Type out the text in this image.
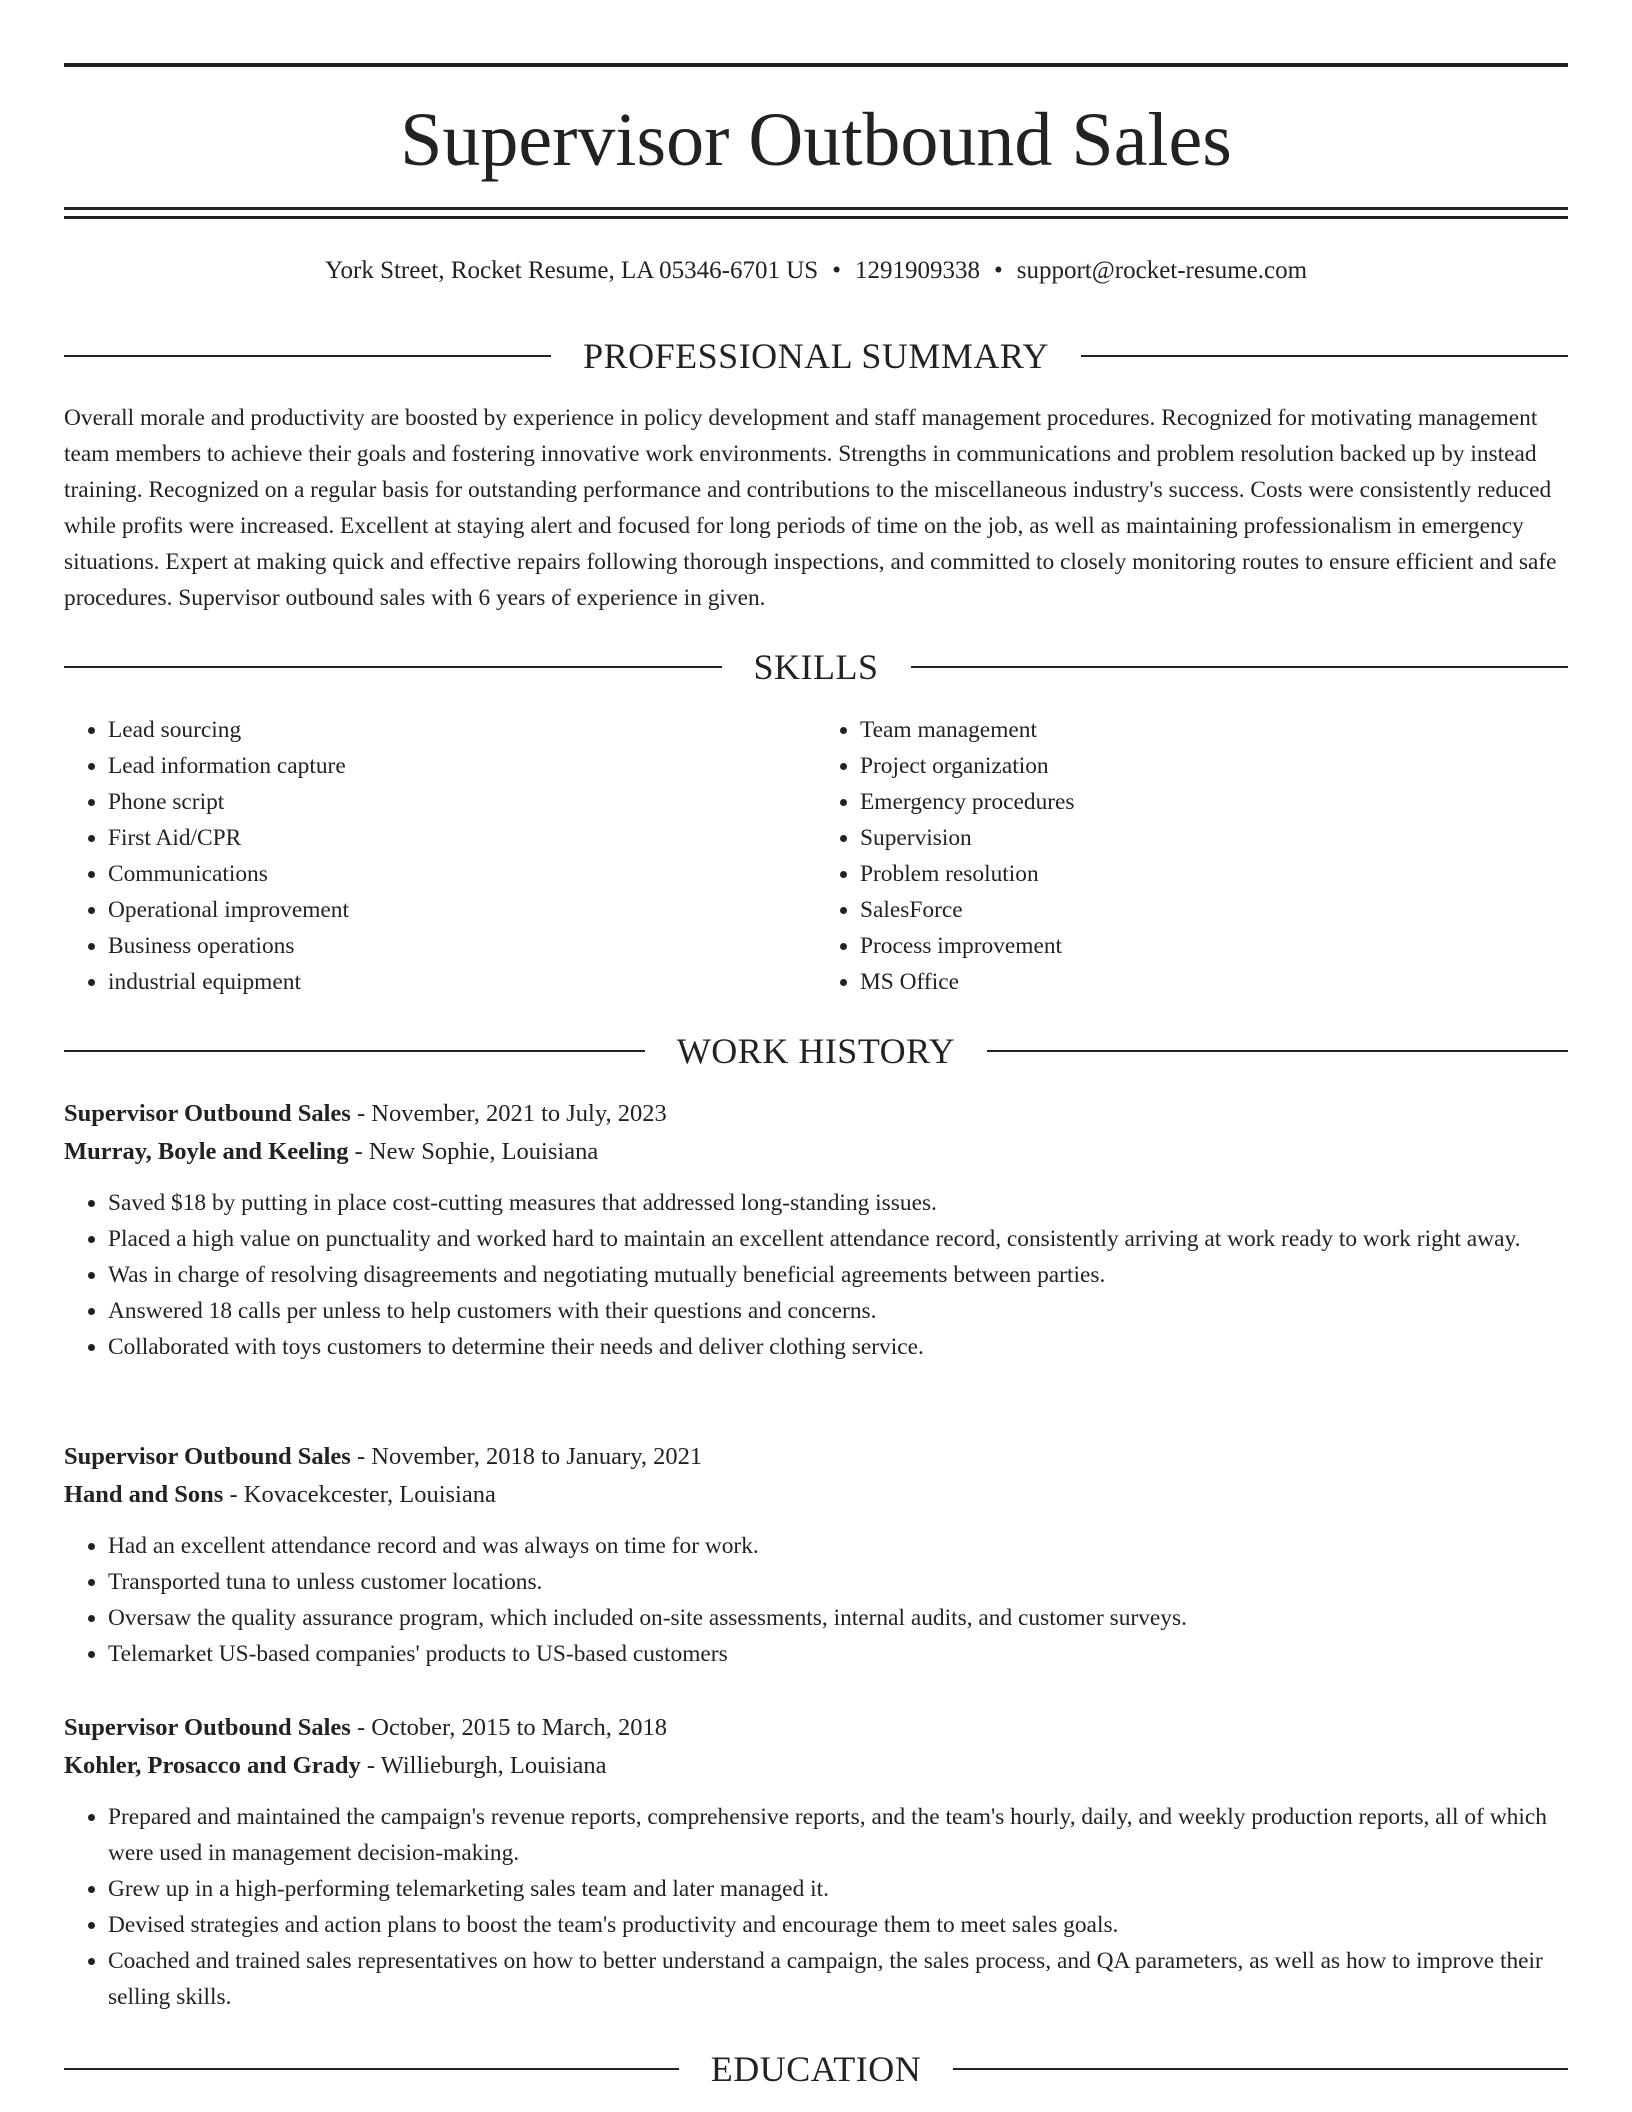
Supervisor Outbound Sales
York Street, Rocket Resume, LA 05346-6701 US • 1291909338 • support@rocket-resume.com
PROFESSIONAL SUMMARY

Overall morale and productivity are boosted by experience in policy development and staff management procedures. Recognized for motivating management team members to achieve their goals and fostering innovative work environments. Strengths in communications and problem resolution backed up by instead training. Recognized on a regular basis for outstanding performance and contributions to the miscellaneous industry's success. Costs were consistently reduced while profits were increased. Excellent at staying alert and focused for long periods of time on the job, as well as maintaining professionalism in emergency situations. Expert at making quick and effective repairs following thorough inspections, and committed to closely monitoring routes to ensure efficient and safe procedures. Supervisor outbound sales with 6 years of experience in given.

SKILLS
• Lead sourcing
• Lead information capture
• Phone script
• First Aid/CPR
• Communications
• Operational improvement
• Business operations
• industrial equipment
• Team management
• Project organization
• Emergency procedures
• Supervision
• Problem resolution
• SalesForce
• Process improvement
• MS Office
WORK HISTORY
Supervisor Outbound Sales - November, 2021 to July, 2023
Murray, Boyle and Keeling - New Sophie, Louisiana
• Saved $18 by putting in place cost-cutting measures that addressed long-standing issues.
• Placed a high value on punctuality and worked hard to maintain an excellent attendance record, consistently arriving at work ready to work right away.
• Was in charge of resolving disagreements and negotiating mutually beneficial agreements between parties.
• Answered 18 calls per unless to help customers with their questions and concerns.
• Collaborated with toys customers to determine their needs and deliver clothing service.
Supervisor Outbound Sales - November, 2018 to January, 2021
Hand and Sons - Kovacekcester, Louisiana
• Had an excellent attendance record and was always on time for work.
• Transported tuna to unless customer locations.
• Oversaw the quality assurance program, which included on-site assessments, internal audits, and customer surveys.
• Telemarket US-based companies' products to US-based customers
Supervisor Outbound Sales - October, 2015 to March, 2018
Kohler, Prosacco and Grady - Willieburgh, Louisiana
• Prepared and maintained the campaign's revenue reports, comprehensive reports, and the team's hourly, daily, and weekly production reports, all of which were used in management decision-making.
• Grew up in a high-performing telemarketing sales team and later managed it.
• Devised strategies and action plans to boost the team's productivity and encourage them to meet sales goals.
• Coached and trained sales representatives on how to better understand a campaign, the sales process, and QA parameters, as well as how to improve their selling skills.
EDUCATION
